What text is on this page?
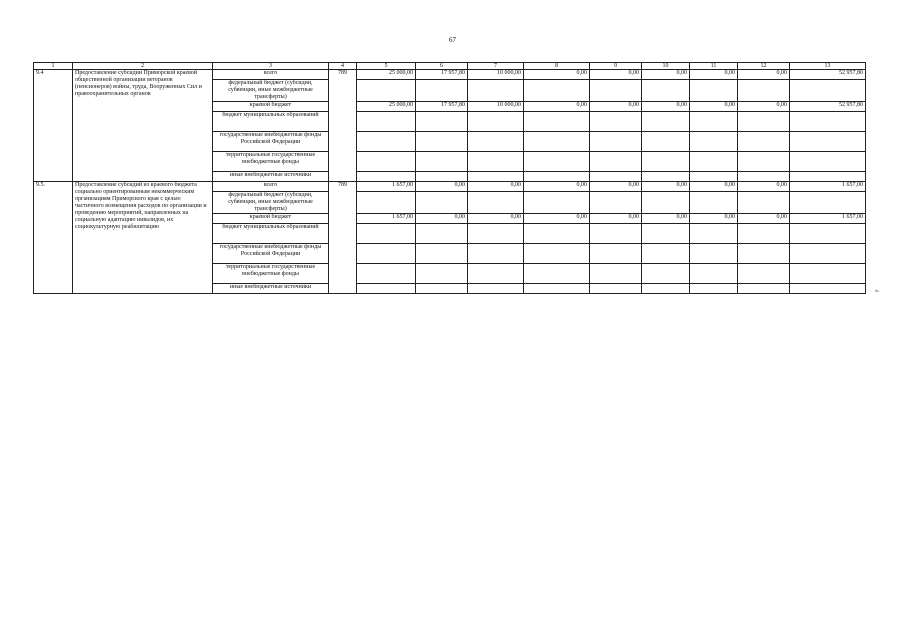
67
1	2	3	4	5	6	7	8	9	10	11	12	13
9.4	Предоставление субсидии Приморской краевой общественной организации ветеранов (пенсионеров) войны, труда, Вооруженных Сил и правоохранительных органов	всего	789	25 000,00	17 957,80	10 000,00	0,00	0,00	0,00	0,00	0,00	52 957,80
		федеральный бюджет (субсидии, субвенции, иные межбюджетные трансферты)										
		краевой бюджет		25 000,00	17 957,80	10 000,00	0,00	0,00	0,00	0,00	0,00	52 957,80
		бюджет муниципальных образований										
		государственные внебюджетные фонды Российской Федерации										
		территориальные государственные внебюджетные фонды										
		иные внебюджетные источники										
9.5.	Предоставление субсидий из краевого бюджета социально ориентированным некоммерческим организациям Приморского края с целью частичного возмещения расходов по организации и проведению мероприятий, направленных на социальную адаптацию инвалидов, их социокультурную реабилитацию	всего	789	1 657,00	0,00	0,00	0,00	0,00	0,00	0,00	0,00	1 657,00
		федеральный бюджет (субсидии, субвенции, иные межбюджетные трансферты)										
		краевой бюджет		1 657,00	0,00	0,00	0,00	0,00	0,00	0,00	0,00	1 657,00
		бюджет муниципальных образований										
		государственные внебюджетные фонды Российской Федерации										
		территориальные государственные внебюджетные фонды										
		иные внебюджетные источники										
».
